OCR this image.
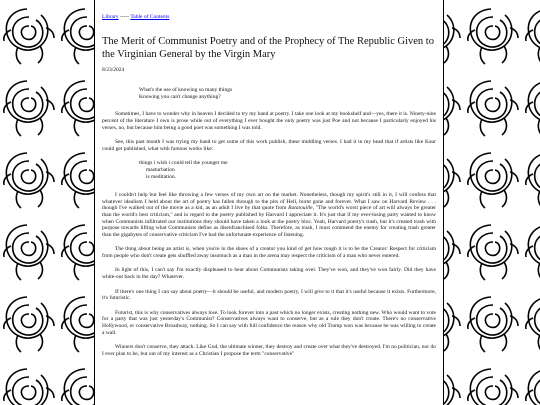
Library ----- Table of Contents
The Merit of Communist Poetry and of the Prophecy of The Republic Given to the Virginian General by the Virgin Mary
8/23/2024
What's the use of knowing so many things
Knowing you can't change anything?

Sometimes, I have to wonder why in heaven I decided to try my hand at poetry. I take one look at my bookshelf and—yes, there it is. Ninety-nine percent of the literature I own is prose while out of everything I ever bought the only poetry was just Poe and not because I particularly enjoyed his verses, no, but because him being a good poet was something I was told.

See, this past month I was trying my hand to get some of this work publish, these middling verses. I had it in my head that if artists like Kaur could get published, what with famous works like:

things i wish i could tell the younger me
masturbation
is meditation.

I couldn't help but feel like throwing a few verses of my own art on the market. Nonetheless, though my spirit's still in it, I will confess that whatever idealism I held about the art of poetry has fallen through to the pits of Hell, burnt gone and forever. What I saw on Harvard Review . . . though I've walked out of the movie as a kid, as an adult I live by that quote from Ratatouille, "The world's worst piece of art will always be greater than the world's best criticism," and in regard to the poetry published by Harvard I appreciate it. It's just that if my ever-losing party wanted to know when Communists infiltrated our institutions they should have taken a look at the poetry bloc. Yeah, Harvard poetry's trash, but it's created trash with purpose towards lifting what Communists define as disenfranchised folks. Therefore, as trash, I must commend the enemy for creating trash greater than the gigabytes of conservative criticism I've had the unfortunate experience of listening.

The thing about being an artist is, when you're in the shoes of a creator you kind of get how tough it is to be the Creator: Respect for criticism from people who don't create gets shuffled away insomuch as a man in the arena may respect the criticism of a man who never entered.

In light of this, I can't say I'm exactly displeased to hear about Communists taking over. They've won, and they've won fairly. Did they have white-out back in the day? Whatever.

If there's one thing I can say about poetry—it should be useful, and modern poetry, I will give to it that it's useful because it exists. Furthermore, it's futuristic.

Futurist, this is why conservatives always lose. To look forever into a past which no longer exists, creating nothing new. Who would want to vote for a party that was just yesterday's Communist? Conservatives always want to conserve, but as a rule they don't create. There's no conservative Hollywood, or conservative Broadway, nothing. So I can say with full confidence the reason why old Trump won was because he was willing to create a wall.

Winners don't conserve, they attack. Like God, the ultimate winner, they destroy and create over what they've destroyed. I'm no politician, nor do I ever plan to be, but out of my interest as a Christian I propose the term "conservative"
